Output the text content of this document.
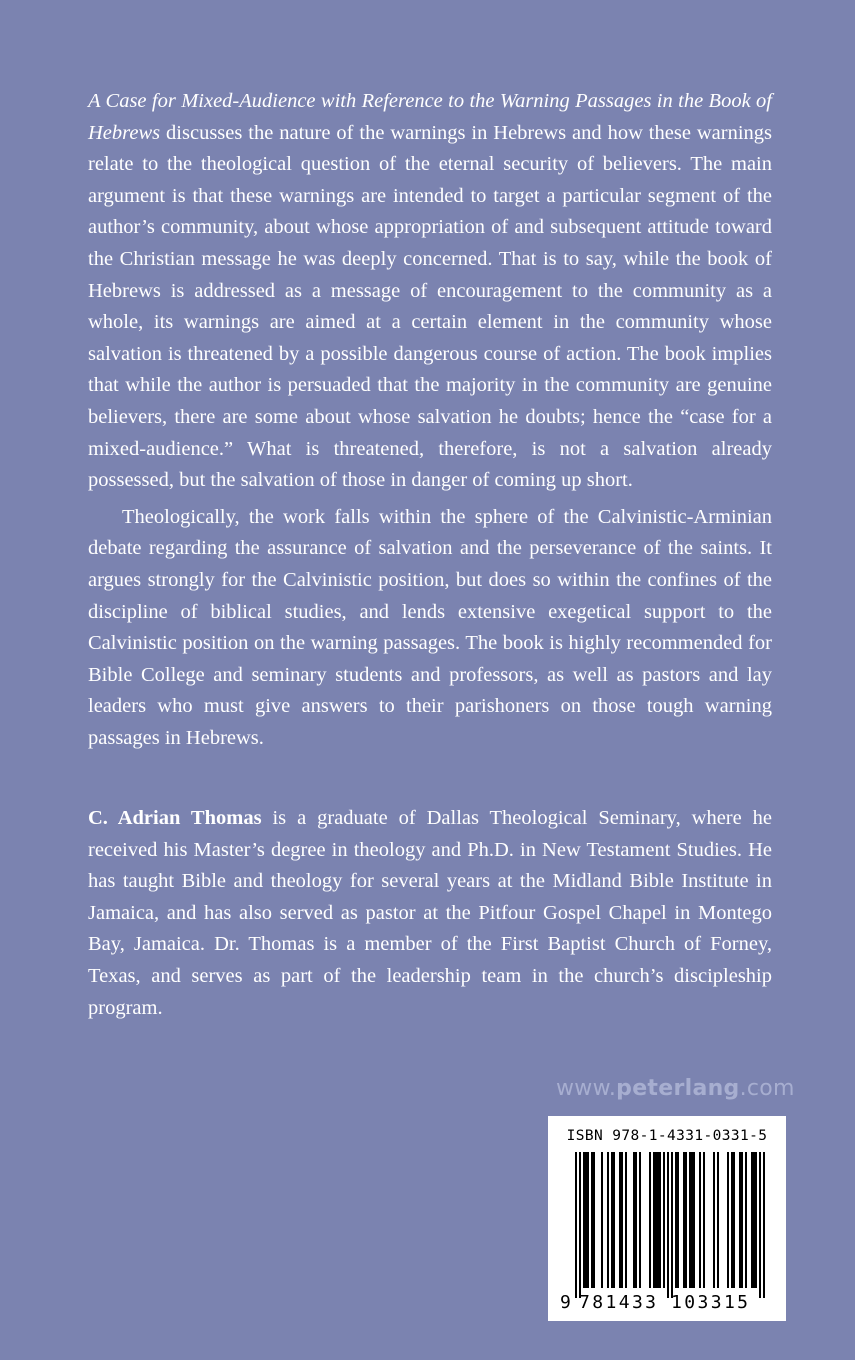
A Case for Mixed-Audience with Reference to the Warning Passages in the Book of Hebrews discusses the nature of the warnings in Hebrews and how these warnings relate to the theological question of the eternal security of believers. The main argument is that these warnings are intended to target a particular segment of the author’s community, about whose appropriation of and subsequent attitude toward the Christian message he was deeply concerned. That is to say, while the book of Hebrews is addressed as a message of encouragement to the community as a whole, its warnings are aimed at a certain element in the community whose salvation is threatened by a possible dangerous course of action. The book implies that while the author is persuaded that the majority in the community are genuine believers, there are some about whose salvation he doubts; hence the “case for a mixed-audience.” What is threatened, therefore, is not a salvation already possessed, but the salvation of those in danger of coming up short.

Theologically, the work falls within the sphere of the Calvinistic-Arminian debate regarding the assurance of salvation and the perseverance of the saints. It argues strongly for the Calvinistic position, but does so within the confines of the discipline of biblical studies, and lends extensive exegetical support to the Calvinistic position on the warning passages. The book is highly recommended for Bible College and seminary students and professors, as well as pastors and lay leaders who must give answers to their parishoners on those tough warning passages in Hebrews.

C. Adrian Thomas is a graduate of Dallas Theological Seminary, where he received his Master’s degree in theology and Ph.D. in New Testament Studies. He has taught Bible and theology for several years at the Midland Bible Institute in Jamaica, and has also served as pastor at the Pitfour Gospel Chapel in Montego Bay, Jamaica. Dr. Thomas is a member of the First Baptist Church of Forney, Texas, and serves as part of the leadership team in the church’s discipleship program.

www.peterlang.com
ISBN 978-1-4331-0331-5
9 781433 103315
